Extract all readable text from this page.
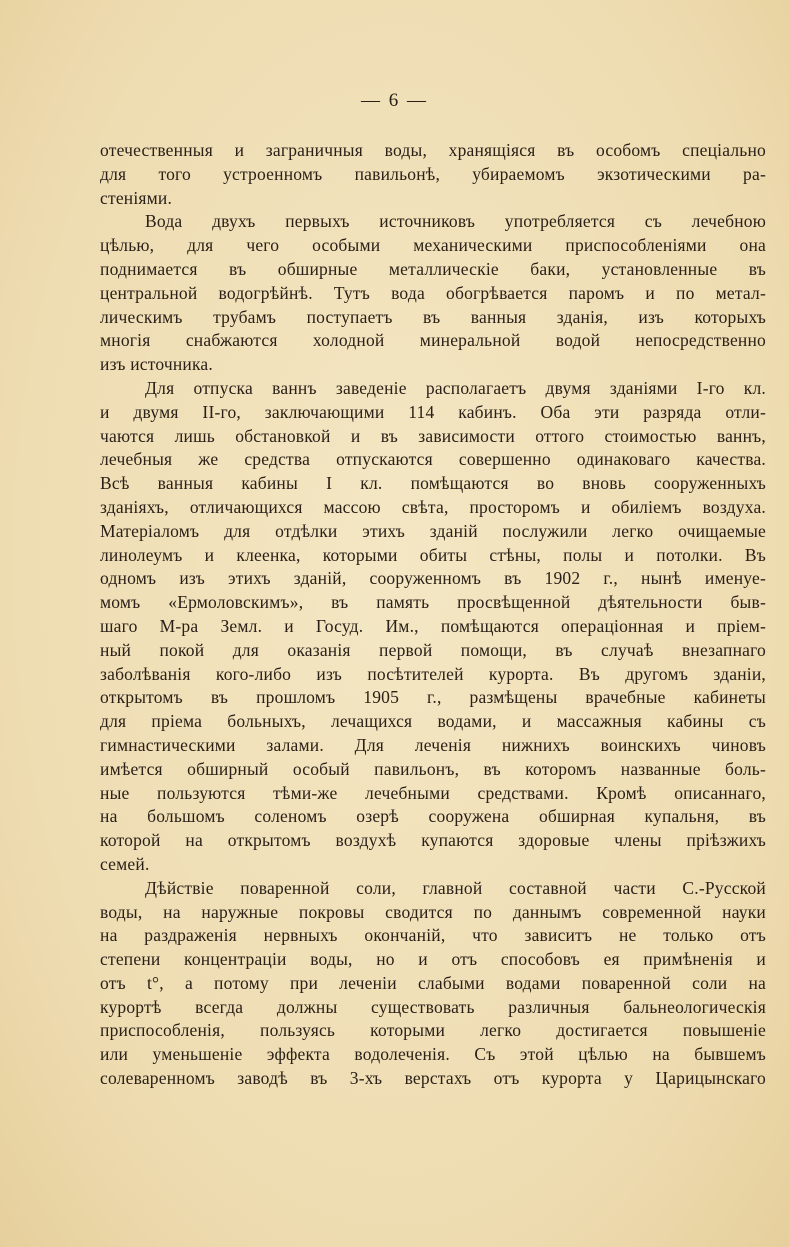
— 6 —
отечественныя и заграничныя воды, хранящіяся въ особомъ спеціально
для того устроенномъ павильонѣ, убираемомъ экзотическими ра-
стеніями.
Вода двухъ первыхъ источниковъ употребляется съ лечебною
цѣлью, для чего особыми механическими приспособленіями она
поднимается въ обширные металлическіе баки, установленные въ
центральной водогрѣйнѣ. Тутъ вода обогрѣвается паромъ и по метал-
лическимъ трубамъ поступаетъ въ ванныя зданія, изъ которыхъ
многія снабжаются холодной минеральной водой непосредственно
изъ источника.
Для отпуска ваннъ заведеніе располагаетъ двумя зданіями I-го кл.
и двумя II-го, заключающими 114 кабинъ. Оба эти разряда отли-
чаются лишь обстановкой и въ зависимости оттого стоимостью ваннъ,
лечебныя же средства отпускаются совершенно одинаковаго качества.
Всѣ ванныя кабины I кл. помѣщаются во вновь сооруженныхъ
зданіяхъ, отличающихся массою свѣта, просторомъ и обиліемъ воздуха.
Матеріаломъ для отдѣлки этихъ зданій послужили легко очищаемые
линолеумъ и клеенка, которыми обиты стѣны, полы и потолки. Въ
одномъ изъ этихъ зданій, сооруженномъ въ 1902 г., нынѣ именуе-
момъ «Ермоловскимъ», въ память просвѣщенной дѣятельности быв-
шаго М-ра Земл. и Госуд. Им., помѣщаются операціонная и пріем-
ный покой для оказанія первой помощи, въ случаѣ внезапнаго
заболѣванія кого-либо изъ посѣтителей курорта. Въ другомъ зданіи,
открытомъ въ прошломъ 1905 г., размѣщены врачебные кабинеты
для пріема больныхъ, лечащихся водами, и массажныя кабины съ
гимнастическими залами. Для леченія нижнихъ воинскихъ чиновъ
имѣется обширный особый павильонъ, въ которомъ названные боль-
ные пользуются тѣми-же лечебными средствами. Кромѣ описаннаго,
на большомъ соленомъ озерѣ сооружена обширная купальня, въ
которой на открытомъ воздухѣ купаются здоровые члены пріѣзжихъ
семей.
Дѣйствіе поваренной соли, главной составной части С.-Русской
воды, на наружные покровы сводится по даннымъ современной науки
на раздраженія нервныхъ окончаній, что зависитъ не только отъ
степени концентраціи воды, но и отъ способовъ ея примѣненія и
отъ t°, а потому при леченіи слабыми водами поваренной соли на
курортѣ всегда должны существовать различныя бальнеологическія
приспособленія, пользуясь которыми легко достигается повышеніе
или уменьшеніе эффекта водолеченія. Съ этой цѣлью на бывшемъ
солеваренномъ заводѣ въ 3-хъ верстахъ отъ курорта у Царицынскаго
